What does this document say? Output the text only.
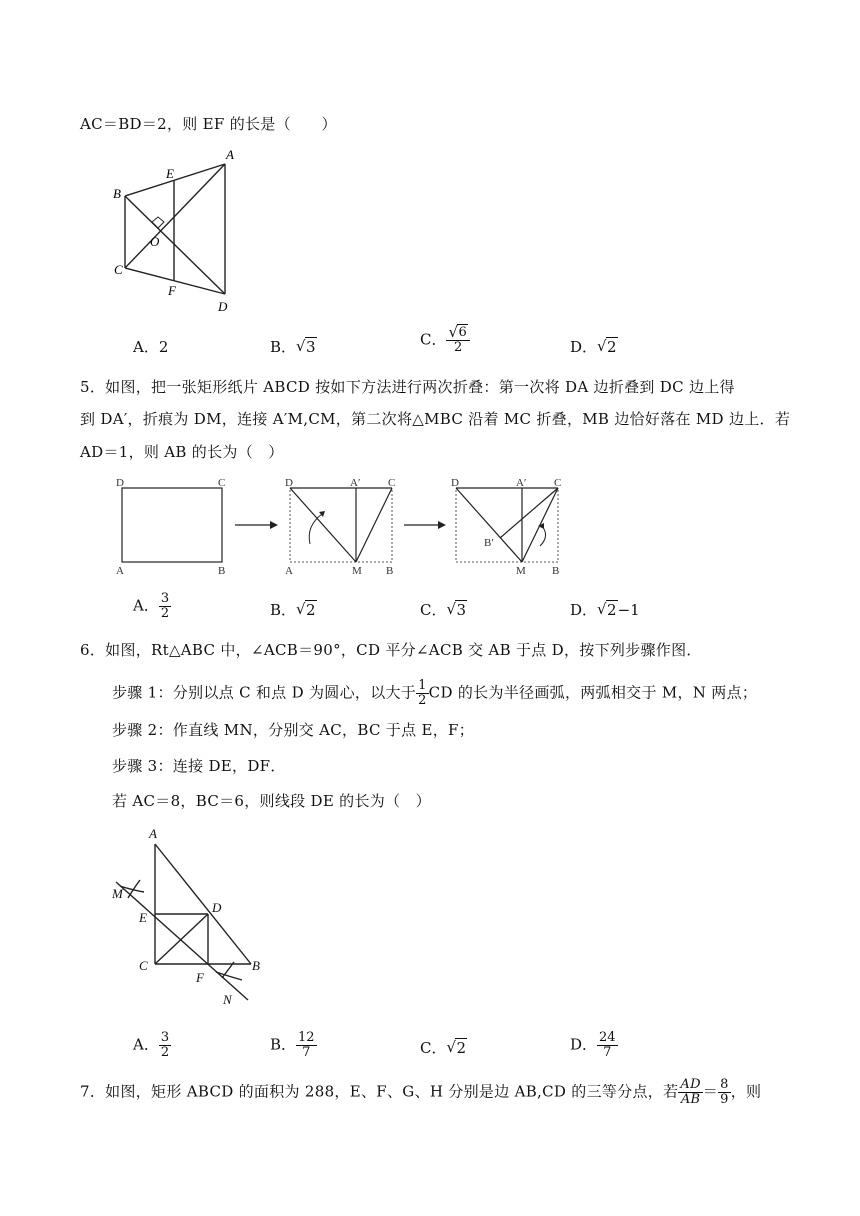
AC＝BD＝2，则 EF 的长是（　　）
A
B
E
O
C
F
D
A．2	B． √ 3	C． √ $\frac{6}{2}$	D． √ 2
5．如图，把一张矩形纸片 ABCD 按如下方法进行两次折叠：第一次将 DA 边折叠到 DC 边上得
到 DA′，折痕为 DM，连接 A′M,CM，第二次将△MBC 沿着 MC 折叠，MB 边恰好落在 MD 边上．若
AD＝1，则 AB 的长为（　）
D	C
A	B
D	A′	C
A	M B
D	A′	C
B′
M B
A． $\frac{3}{2}$	B． √ 2	C． √ 3	D． √ 2−1
6．如图，Rt△ABC 中，∠ACB＝90°，CD 平分∠ACB 交 AB 于点 D，按下列步骤作图．
步骤 1：分别以点 C 和点 D 为圆心，以大于 $\frac{1}{2}$ CD 的长为半径画弧，两弧相交于 M，N 两点；
步骤 2：作直线 MN，分别交 AC，BC 于点 E，F；
步骤 3：连接 DE，DF．
若 AC＝8，BC＝6，则线段 DE 的长为（　）
A
M
E
D
C
F
B
N
A． $\frac{3}{2}$	B． $\frac{12}{7}$	C． √ 2	D． $\frac{24}{7}$
7．如图，矩形 ABCD 的面积为 288，E、F、G、H 分别是边 AB,CD 的三等分点，若 $\frac{AD}{AB} = \frac{8}{9}$ ，则
